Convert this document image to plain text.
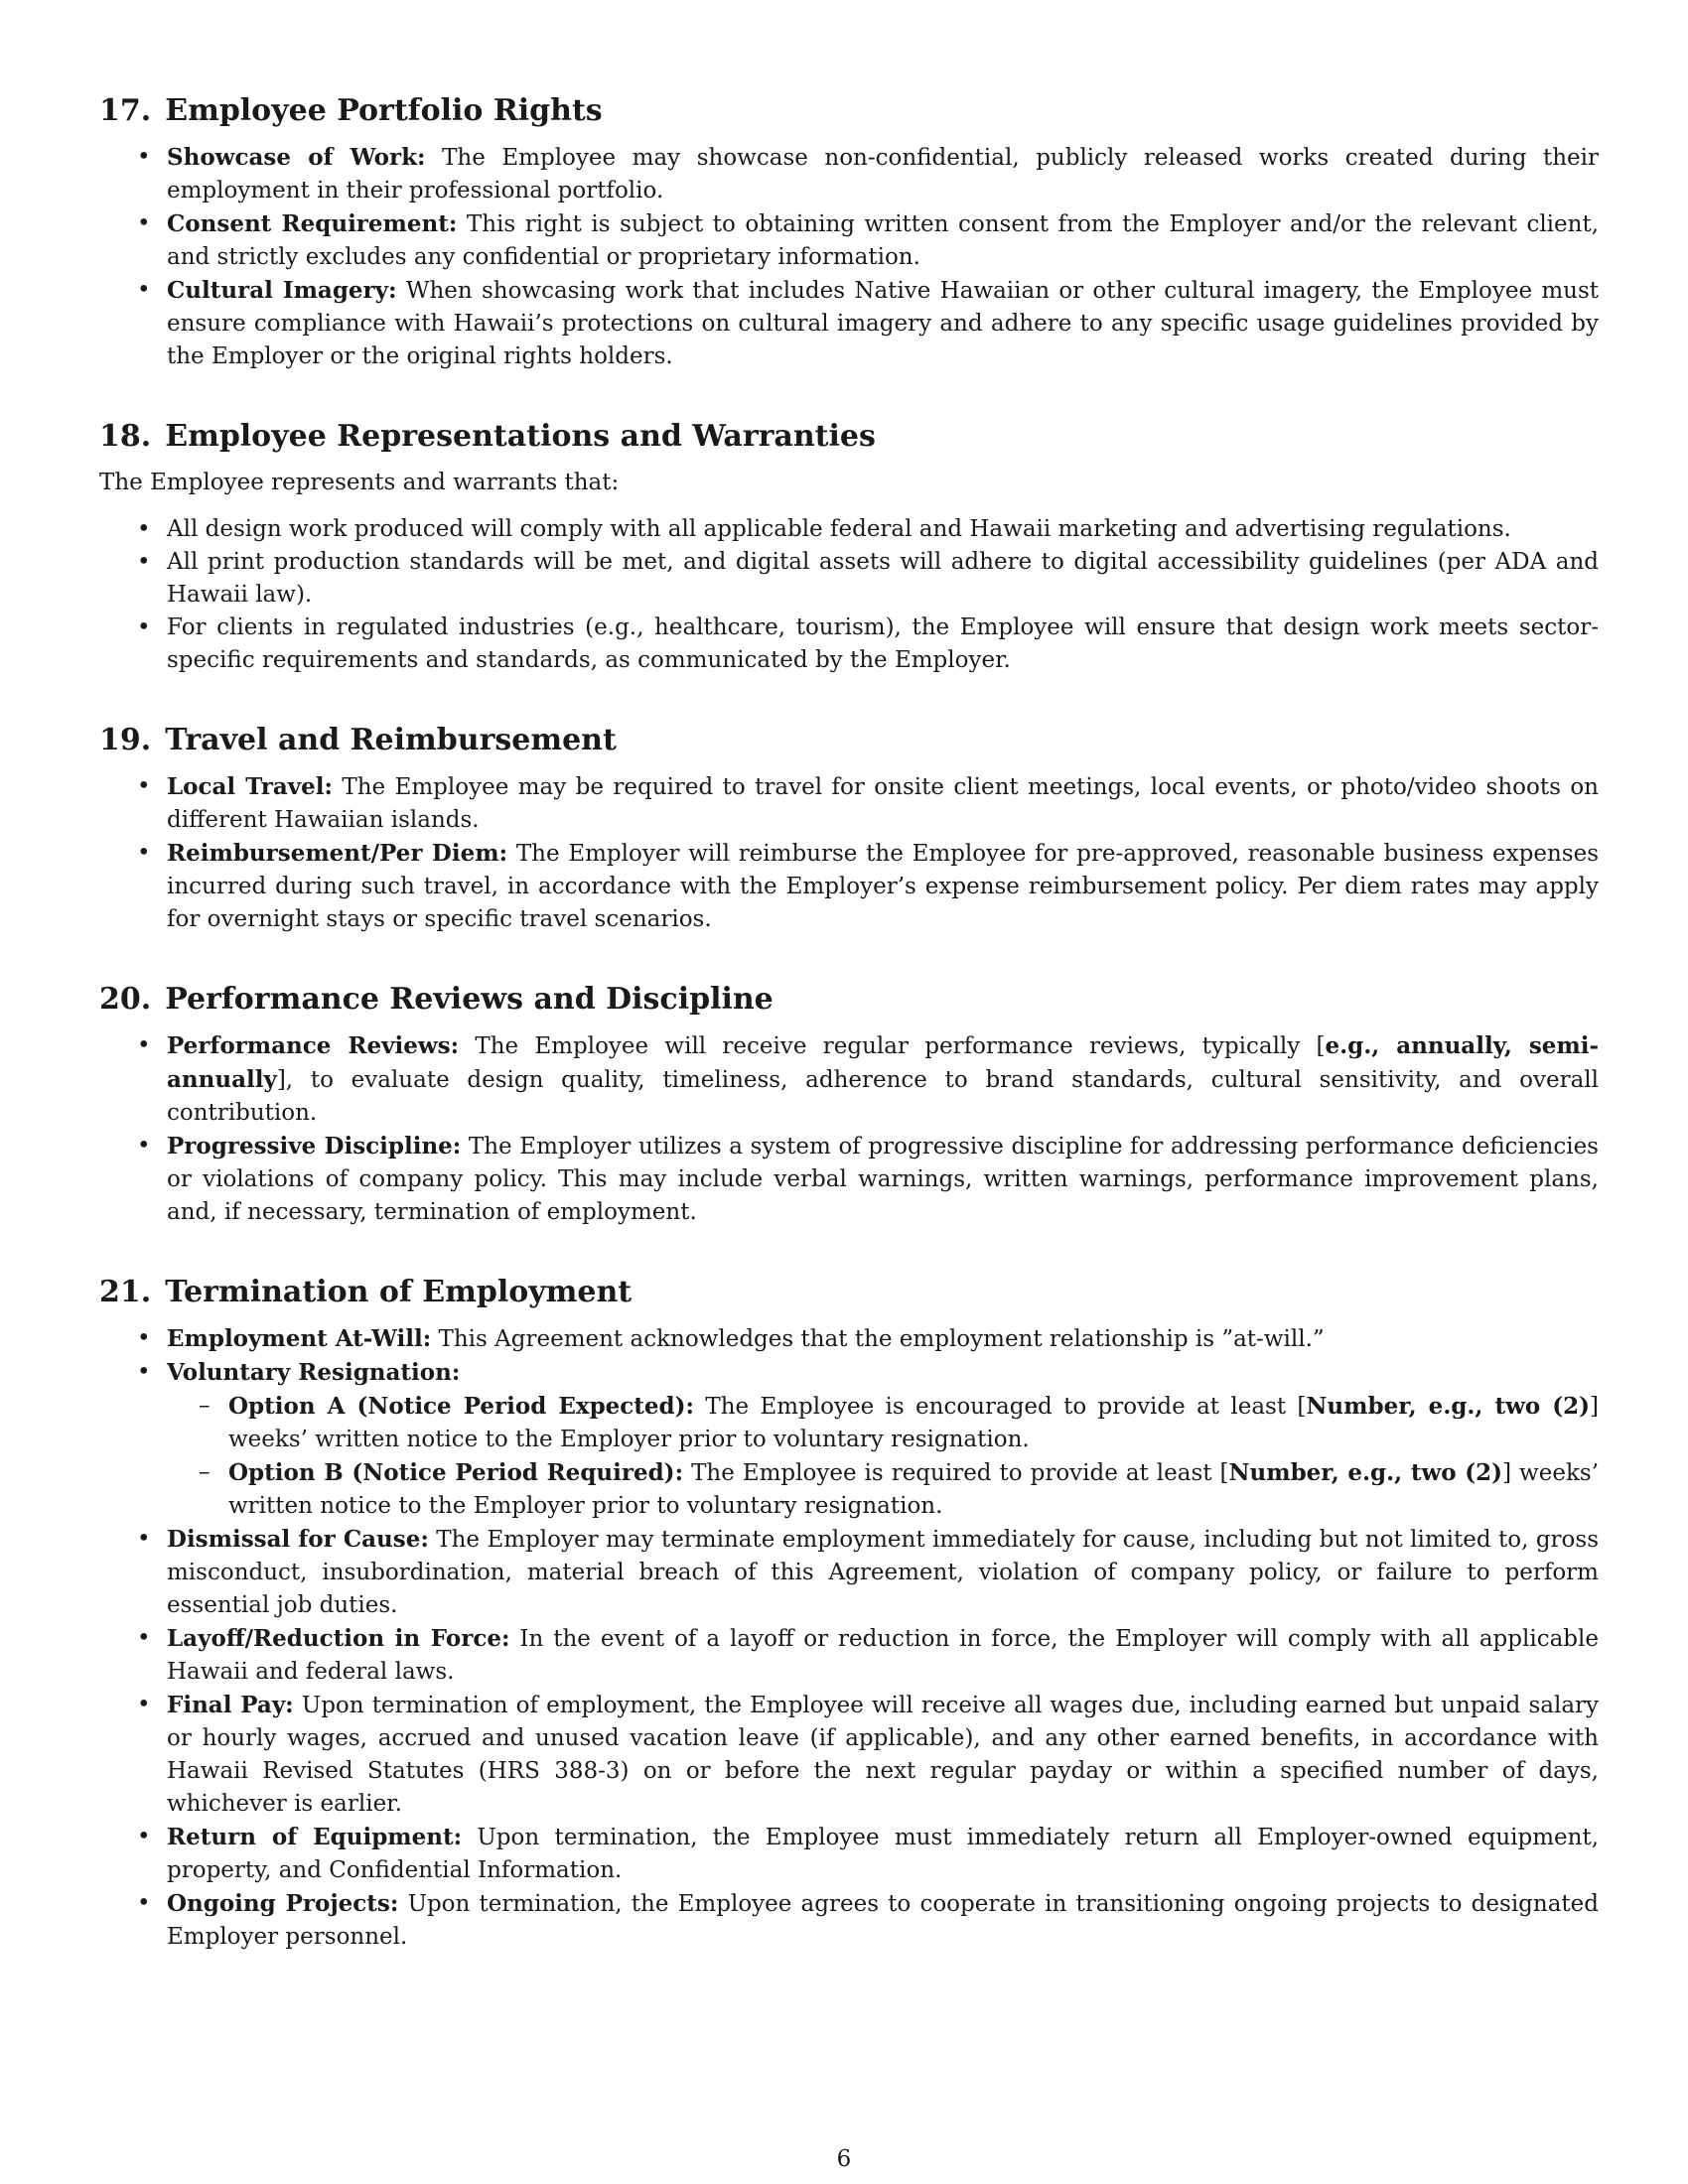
17. Employee Portfolio Rights
• Showcase of Work: The Employee may showcase non-confidential, publicly released works created during their employment in their professional portfolio.
• Consent Requirement: This right is subject to obtaining written consent from the Employer and/or the relevant client, and strictly excludes any confidential or proprietary information.
• Cultural Imagery: When showcasing work that includes Native Hawaiian or other cultural imagery, the Employee must ensure compliance with Hawaii’s protections on cultural imagery and adhere to any specific usage guidelines provided by the Employer or the original rights holders.
18. Employee Representations and Warranties

The Employee represents and warrants that:

• All design work produced will comply with all applicable federal and Hawaii marketing and advertising regulations.
• All print production standards will be met, and digital assets will adhere to digital accessibility guidelines (per ADA and Hawaii law).
• For clients in regulated industries (e.g., healthcare, tourism), the Employee will ensure that design work meets sector-specific requirements and standards, as communicated by the Employer.
19. Travel and Reimbursement
• Local Travel: The Employee may be required to travel for onsite client meetings, local events, or photo/video shoots on different Hawaiian islands.
• Reimbursement/Per Diem: The Employer will reimburse the Employee for pre-approved, reasonable business expenses incurred during such travel, in accordance with the Employer’s expense reimbursement policy. Per diem rates may apply for overnight stays or specific travel scenarios.
20. Performance Reviews and Discipline
• Performance Reviews: The Employee will receive regular performance reviews, typically [e.g., annually, semi-annually], to evaluate design quality, timeliness, adherence to brand standards, cultural sensitivity, and overall contribution.
• Progressive Discipline: The Employer utilizes a system of progressive discipline for addressing performance deficiencies or violations of company policy. This may include verbal warnings, written warnings, performance improvement plans, and, if necessary, termination of employment.
21. Termination of Employment
• Employment At-Will: This Agreement acknowledges that the employment relationship is ”at-will.”
• Voluntary Resignation:
– Option A (Notice Period Expected): The Employee is encouraged to provide at least [Number, e.g., two (2)] weeks’ written notice to the Employer prior to voluntary resignation.
– Option B (Notice Period Required): The Employee is required to provide at least [Number, e.g., two (2)] weeks’ written notice to the Employer prior to voluntary resignation.
• Dismissal for Cause: The Employer may terminate employment immediately for cause, including but not limited to, gross misconduct, insubordination, material breach of this Agreement, violation of company policy, or failure to perform essential job duties.
• Layoff/Reduction in Force: In the event of a layoff or reduction in force, the Employer will comply with all applicable Hawaii and federal laws.
• Final Pay: Upon termination of employment, the Employee will receive all wages due, including earned but unpaid salary or hourly wages, accrued and unused vacation leave (if applicable), and any other earned benefits, in accordance with Hawaii Revised Statutes (HRS 388-3) on or before the next regular payday or within a specified number of days, whichever is earlier.
• Return of Equipment: Upon termination, the Employee must immediately return all Employer-owned equipment, property, and Confidential Information.
• Ongoing Projects: Upon termination, the Employee agrees to cooperate in transitioning ongoing projects to designated Employer personnel.
6
